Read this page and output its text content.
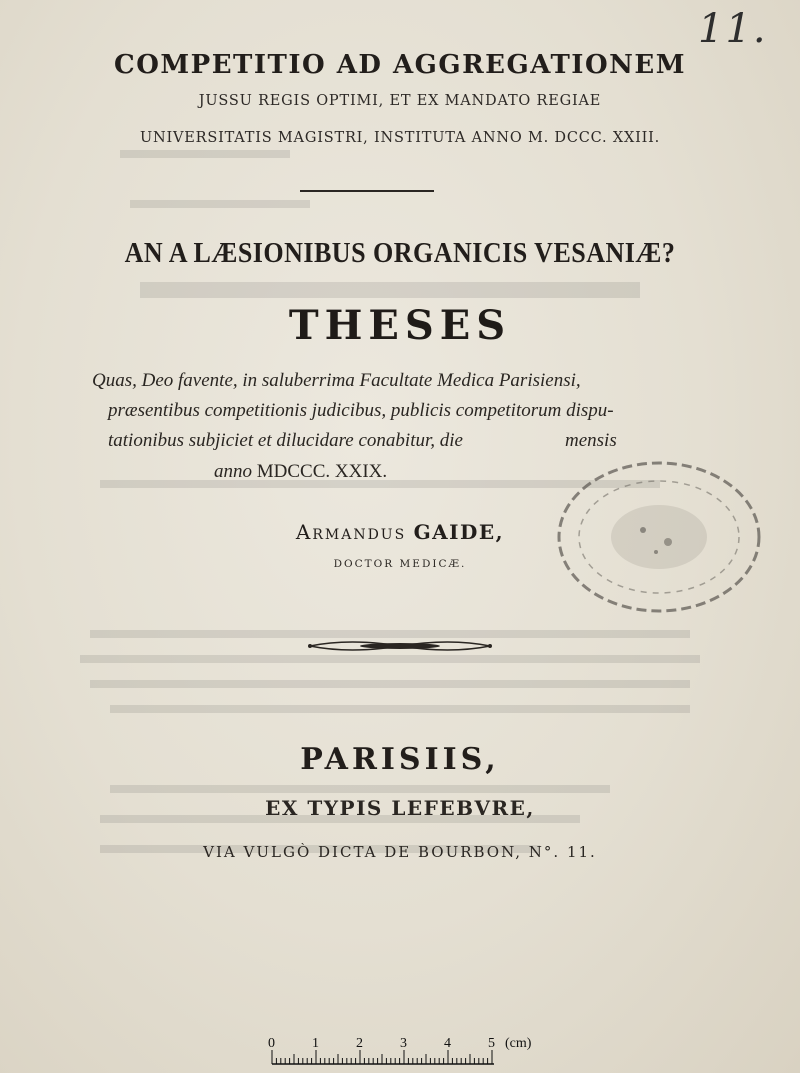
11.
COMPETITIO AD AGGREGATIONEM
JUSSU REGIS OPTIMI, ET EX MANDATO REGIAE
UNIVERSITATIS MAGISTRI, INSTITUTA ANNO M. DCCC. XXIII.
AN A LÆSIONIBUS ORGANICIS VESANIÆ?
THESES
Quas, Deo favente, in saluberrima Facultate Medica Parisiensi,
præsentibus competitionis judicibus, publicis competitorum dispu-
tationibus subjiciet et dilucidare conabitur, die	mensis
anno MDCCC. XXIX.
Armandus GAIDE,
DOCTOR MEDICÆ.
PARISIIS,
EX TYPIS LEFEBVRE,
VIA VULGÒ DICTA DE BOURBON, N°. 11.
0	1	2	3	4	5 (cm)
